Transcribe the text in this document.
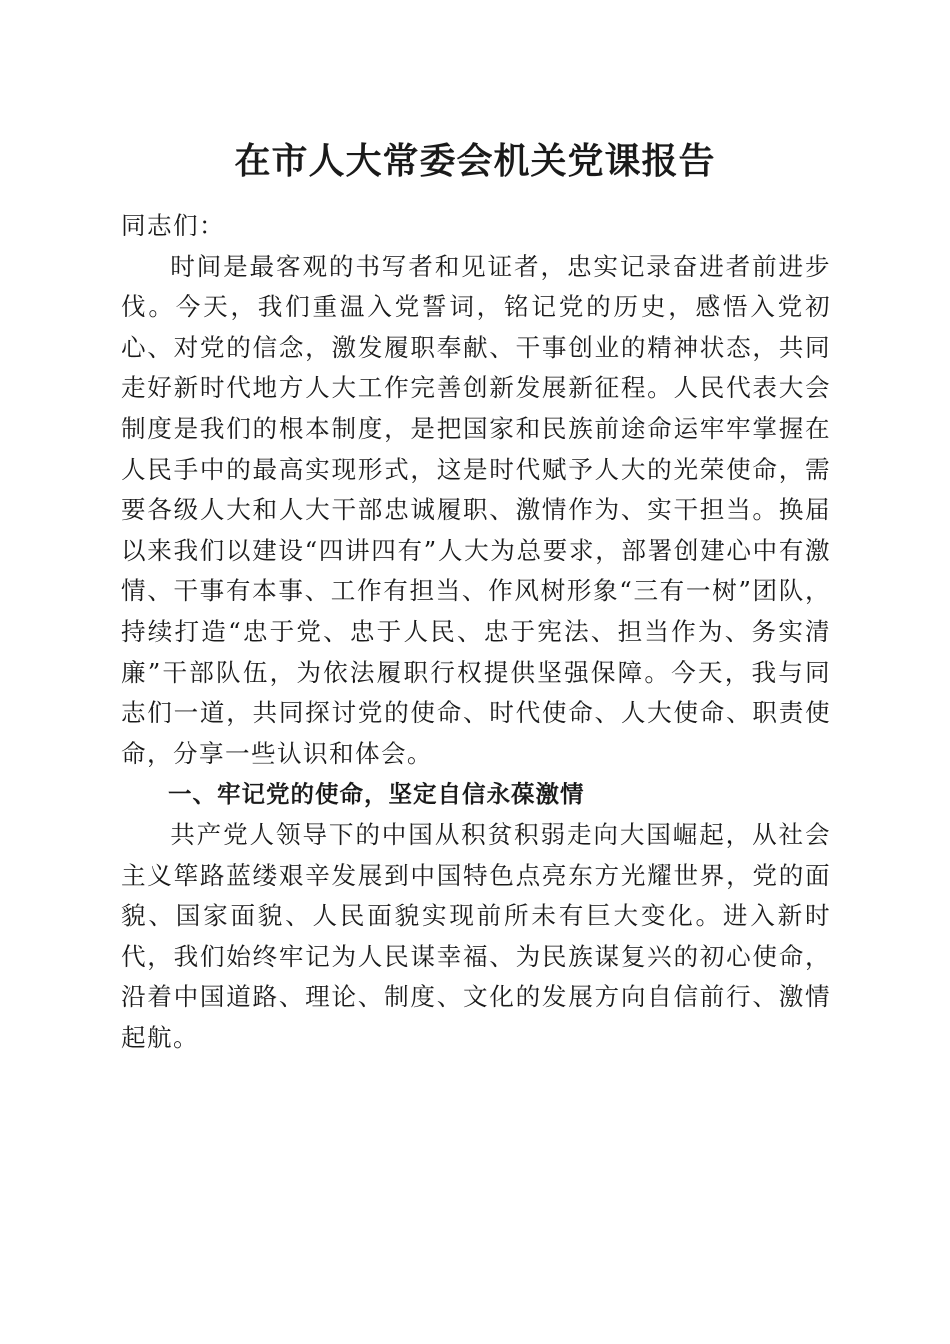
在市人大常委会机关党课报告

同志们：

时间是最客观的书写者和见证者，忠实记录奋进者前进步伐。今天，我们重温入党誓词，铭记党的历史，感悟入党初心、对党的信念，激发履职奉献、干事创业的精神状态，共同走好新时代地方人大工作完善创新发展新征程。人民代表大会制度是我们的根本制度，是把国家和民族前途命运牢牢掌握在人民手中的最高实现形式，这是时代赋予人大的光荣使命，需要各级人大和人大干部忠诚履职、激情作为、实干担当。换届以来我们以建设“四讲四有”人大为总要求，部署创建心中有激情、干事有本事、工作有担当、作风树形象“三有一树”团队，持续打造“忠于党、忠于人民、忠于宪法、担当作为、务实清廉”干部队伍，为依法履职行权提供坚强保障。今天，我与同志们一道，共同探讨党的使命、时代使命、人大使命、职责使命，分享一些认识和体会。

一、牢记党的使命，坚定自信永葆激情

共产党人领导下的中国从积贫积弱走向大国崛起，从社会主义筚路蓝缕艰辛发展到中国特色点亮东方光耀世界，党的面貌、国家面貌、人民面貌实现前所未有巨大变化。进入新时代，我们始终牢记为人民谋幸福、为民族谋复兴的初心使命，沿着中国道路、理论、制度、文化的发展方向自信前行、激情起航。
